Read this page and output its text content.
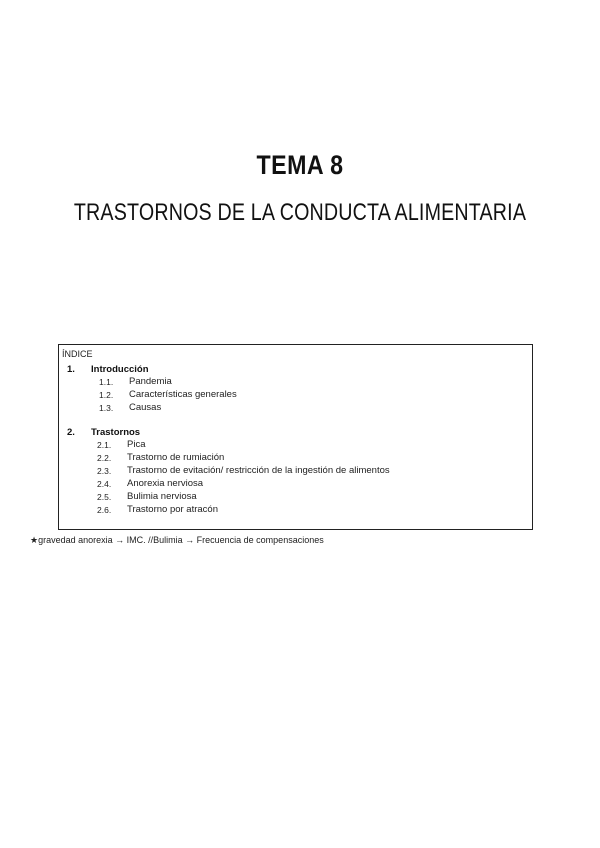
TEMA 8
TRASTORNOS DE LA CONDUCTA ALIMENTARIA
ÍNDICE
1. Introducción
1.1. Pandemia
1.2. Características generales
1.3. Causas
2. Trastornos
2.1. Pica
2.2. Trastorno de rumiación
2.3. Trastorno de evitación/ restricción de la ingestión de alimentos
2.4. Anorexia nerviosa
2.5. Bulimia nerviosa
2.6. Trastorno por atracón
★gravedad anorexia → IMC. //Bulimia → Frecuencia de compensaciones
